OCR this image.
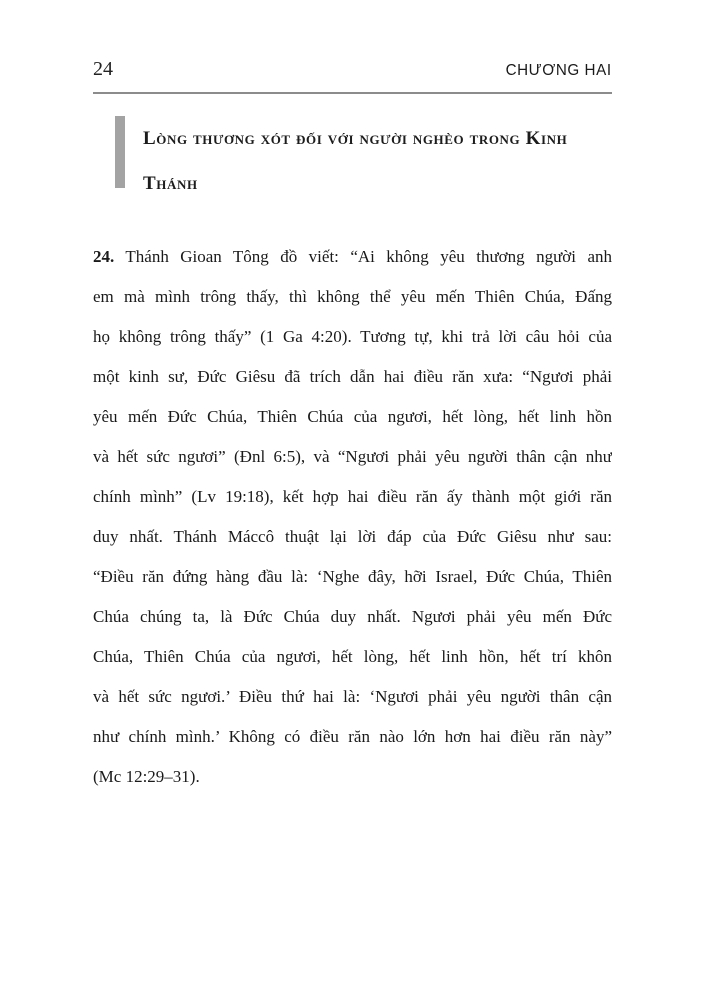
24	CHƯƠNG HAI
Lòng thương xót đối với người nghèo trong Kinh
Thánh
24. Thánh Gioan Tông đồ viết: “Ai không yêu thương người anh
em mà mình trông thấy, thì không thể yêu mến Thiên Chúa, Đấng
họ không trông thấy” (1 Ga 4:20). Tương tự, khi trả lời câu hỏi của
một kinh sư, Đức Giêsu đã trích dẫn hai điều răn xưa: “Ngươi phải
yêu mến Đức Chúa, Thiên Chúa của ngươi, hết lòng, hết linh hồn
và hết sức ngươi” (Đnl 6:5), và “Ngươi phải yêu người thân cận như
chính mình” (Lv 19:18), kết hợp hai điều răn ấy thành một giới răn
duy nhất. Thánh Máccô thuật lại lời đáp của Đức Giêsu như sau:
“Điều răn đứng hàng đầu là: ‘Nghe đây, hỡi Israel, Đức Chúa, Thiên
Chúa chúng ta, là Đức Chúa duy nhất. Ngươi phải yêu mến Đức
Chúa, Thiên Chúa của ngươi, hết lòng, hết linh hồn, hết trí khôn
và hết sức ngươi.’ Điều thứ hai là: ‘Ngươi phải yêu người thân cận
như chính mình.’ Không có điều răn nào lớn hơn hai điều răn này”
(Mc 12:29–31).
